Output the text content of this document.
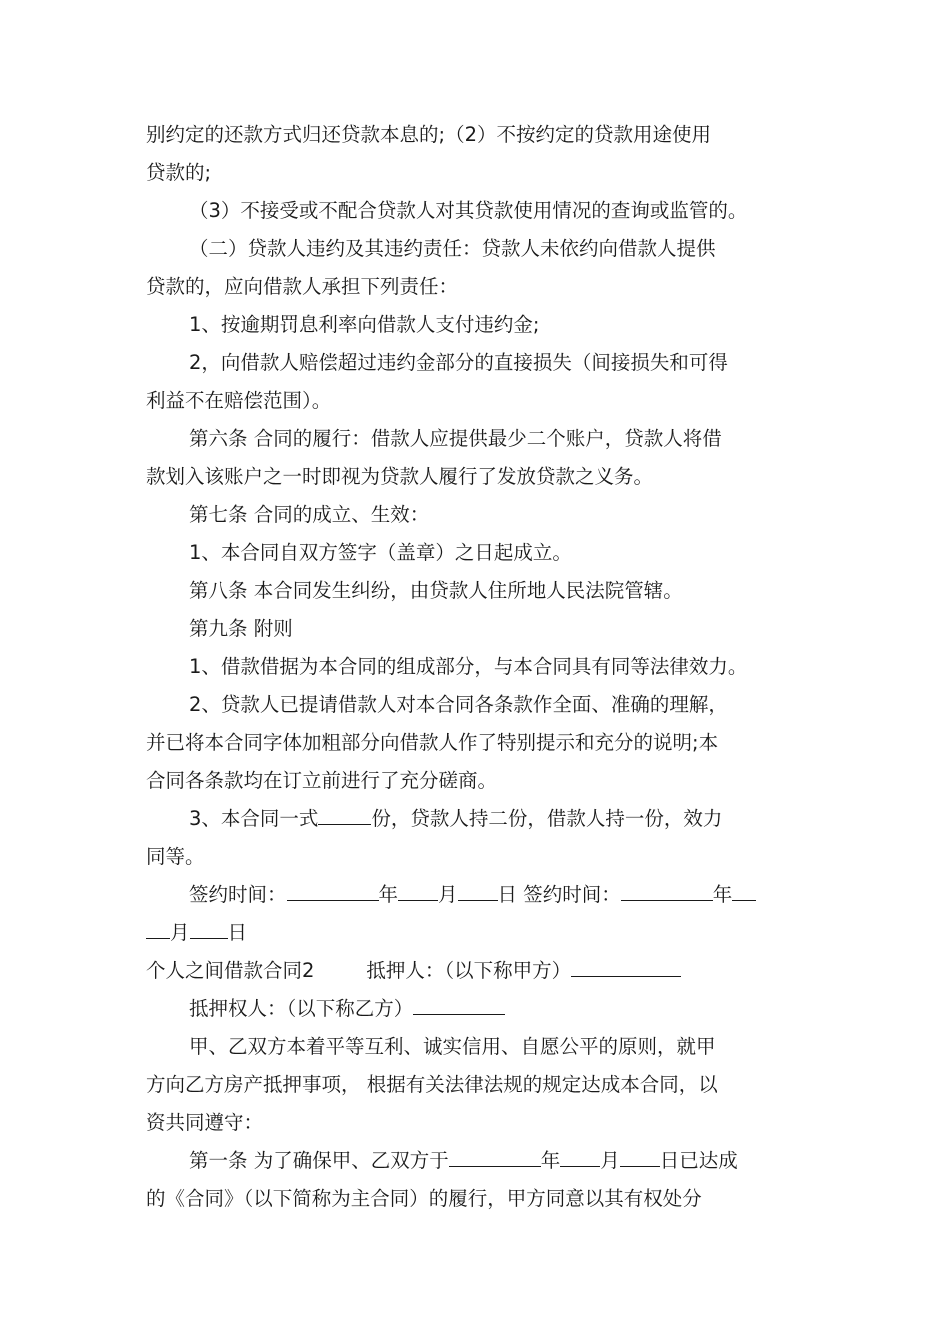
别约定的还款方式归还贷款本息的;（2）不按约定的贷款用途使用
贷款的;
（3）不接受或不配合贷款人对其贷款使用情况的查询或监管的。
（二）贷款人违约及其违约责任：贷款人未依约向借款人提供
贷款的，应向借款人承担下列责任：
1、按逾期罚息利率向借款人支付违约金;
2，向借款人赔偿超过违约金部分的直接损失（间接损失和可得
利益不在赔偿范围）。
第六条 合同的履行：借款人应提供最少二个账户，贷款人将借
款划入该账户之一时即视为贷款人履行了发放贷款之义务。
第七条 合同的成立、生效：
1、本合同自双方签字（盖章）之日起成立。
第八条 本合同发生纠纷，由贷款人住所地人民法院管辖。
第九条 附则
1、借款借据为本合同的组成部分，与本合同具有同等法律效力。
2、贷款人已提请借款人对本合同各条款作全面、准确的理解，
并已将本合同字体加粗部分向借款人作了特别提示和充分的说明;本
合同各条款均在订立前进行了充分磋商。
3、本合同一式	份，贷款人持二份，借款人持一份，效力
同等。
签约时间：	年 月 日 签约时间：	年
月 日
个人之间借款合同2	抵押人：（以下称甲方）
抵押权人：（以下称乙方）
甲、乙双方本着平等互利、诚实信用、自愿公平的原则，就甲
方向乙方房产抵押事项， 根据有关法律法规的规定达成本合同，以
资共同遵守：
第一条 为了确保甲、乙双方于	年 月 日已达成
的《合同》（以下简称为主合同）的履行，甲方同意以其有权处分
